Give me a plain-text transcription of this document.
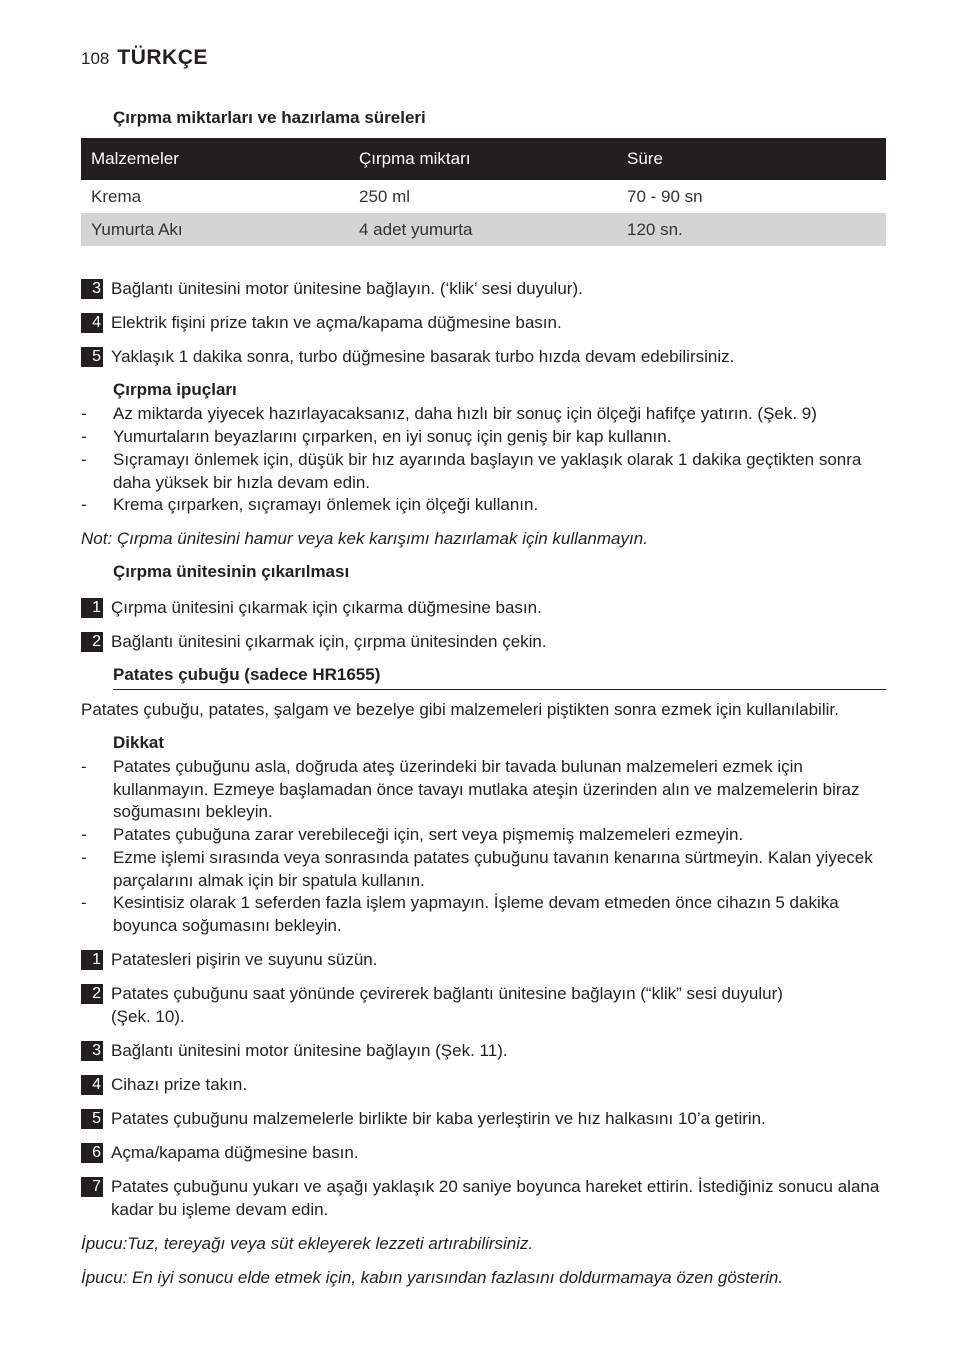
108 TÜRKÇE
Çırpma miktarları ve hazırlama süreleri
Malzemeler	Çırpma miktarı	Süre
Krema	250 ml	70 - 90 sn
Yumurta Akı	4 adet yumurta	120 sn.
3 Bağlantı ünitesini motor ünitesine bağlayın. (‘klik’ sesi duyulur).
4 Elektrik fişini prize takın ve açma/kapama düğmesine basın.
5 Yaklaşık 1 dakika sonra, turbo düğmesine basarak turbo hızda devam edebilirsiniz.
Çırpma ipuçları
-	Az miktarda yiyecek hazırlayacaksanız, daha hızlı bir sonuç için ölçeği hafifçe yatırın. (Şek. 9)
-	Yumurtaların beyazlarını çırparken, en iyi sonuç için geniş bir kap kullanın.
-	Sıçramayı önlemek için, düşük bir hız ayarında başlayın ve yaklaşık olarak 1 dakika geçtikten sonra daha yüksek bir hızla devam edin.
-	Krema çırparken, sıçramayı önlemek için ölçeği kullanın.
Not: Çırpma ünitesini hamur veya kek karışımı hazırlamak için kullanmayın.
Çırpma ünitesinin çıkarılması
1 Çırpma ünitesini çıkarmak için çıkarma düğmesine basın.
2 Bağlantı ünitesini çıkarmak için, çırpma ünitesinden çekin.
Patates çubuğu (sadece HR1655)
Patates çubuğu, patates, şalgam ve bezelye gibi malzemeleri piştikten sonra ezmek için kullanılabilir.
Dikkat
-	Patates çubuğunu asla, doğruda ateş üzerindeki bir tavada bulunan malzemeleri ezmek için kullanmayın. Ezmeye başlamadan önce tavayı mutlaka ateşin üzerinden alın ve malzemelerin biraz soğumasını bekleyin.
-	Patates çubuğuna zarar verebileceği için, sert veya pişmemiş malzemeleri ezmeyin.
-	Ezme işlemi sırasında veya sonrasında patates çubuğunu tavanın kenarına sürtmeyin. Kalan yiyecek parçalarını almak için bir spatula kullanın.
-	Kesintisiz olarak 1 seferden fazla işlem yapmayın. İşleme devam etmeden önce cihazın 5 dakika boyunca soğumasını bekleyin.
1 Patatesleri pişirin ve suyunu süzün.
2 Patates çubuğunu saat yönünde çevirerek bağlantı ünitesine bağlayın (“klik” sesi duyulur) (Şek. 10).
3 Bağlantı ünitesini motor ünitesine bağlayın (Şek. 11).
4 Cihazı prize takın.
5 Patates çubuğunu malzemelerle birlikte bir kaba yerleştirin ve hız halkasını 10’a getirin.
6 Açma/kapama düğmesine basın.
7 Patates çubuğunu yukarı ve aşağı yaklaşık 20 saniye boyunca hareket ettirin. İstediğiniz sonucu alana kadar bu işleme devam edin.
İpucu:Tuz, tereyağı veya süt ekleyerek lezzeti artırabilirsiniz.
İpucu: En iyi sonucu elde etmek için, kabın yarısından fazlasını doldurmamaya özen gösterin.
